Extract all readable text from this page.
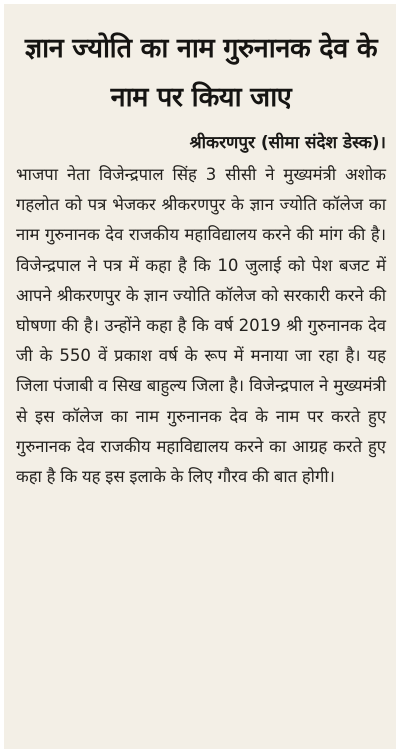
ज्ञान ज्योति का नाम गुरुनानक देव के नाम पर किया जाए
श्रीकरणपुर (सीमा संदेश डेस्क)।

भाजपा नेता विजेन्द्रपाल सिंह 3 सीसी ने मुख्यमंत्री अशोक गहलोत को पत्र भेजकर श्रीकरणपुर के ज्ञान ज्योति कॉलेज का नाम गुरुनानक देव राजकीय महाविद्यालय करने की मांग की है। विजेन्द्रपाल ने पत्र में कहा है कि 10 जुलाई को पेश बजट में आपने श्रीकरणपुर के ज्ञान ज्योति कॉलेज को सरकारी करने की घोषणा की है। उन्होंने कहा है कि वर्ष 2019 श्री गुरुनानक देव जी के 550 वें प्रकाश वर्ष के रूप में मनाया जा रहा है। यह जिला पंजाबी व सिख बाहुल्य जिला है। विजेन्द्रपाल ने मुख्यमंत्री से इस कॉलेज का नाम गुरुनानक देव के नाम पर करते हुए गुरुनानक देव राजकीय महाविद्यालय करने का आग्रह करते हुए कहा है कि यह इस इलाके के लिए गौरव की बात होगी।
